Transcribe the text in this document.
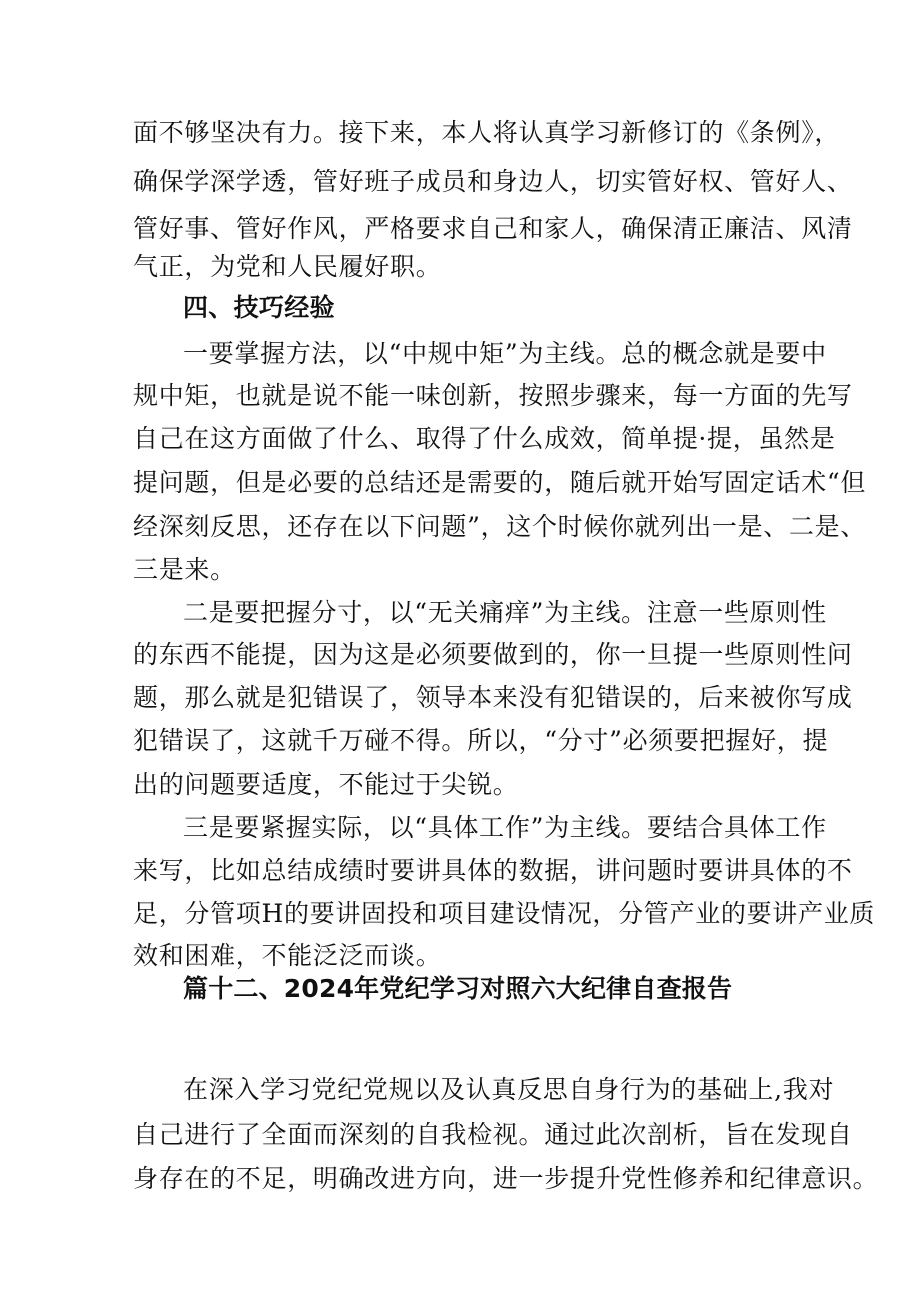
面不够坚决有力。接下来，本人将认真学习新修订的《条例》，
确保学深学透，管好班子成员和身边人，切实管好权、管好人、
管好事、管好作风，严格要求自己和家人，确保清正廉洁、风清
气正，为党和人民履好职。
四、技巧经验
一要掌握方法，以“中规中矩”为主线。总的概念就是要中
规中矩，也就是说不能一味创新，按照步骤来，每一方面的先写
自己在这方面做了什么、取得了什么成效，简单提·提，虽然是
提问题，但是必要的总结还是需要的，随后就开始写固定话术“但
经深刻反思，还存在以下问题”，这个时候你就列出一是、二是、
三是来。
二是要把握分寸，以“无关痛痒”为主线。注意一些原则性
的东西不能提，因为这是必须要做到的，你一旦提一些原则性问
题，那么就是犯错误了，领导本来没有犯错误的，后来被你写成
犯错误了，这就千万碰不得。所以，“分寸”必须要把握好，提
出的问题要适度，不能过于尖锐。
三是要紧握实际，以“具体工作”为主线。要结合具体工作
来写，比如总结成绩时要讲具体的数据，讲问题时要讲具体的不
足，分管项H的要讲固投和项目建设情况，分管产业的要讲产业质
效和困难，不能泛泛而谈。
篇十二、2024年党纪学习对照六大纪律自查报告
在深入学习党纪党规以及认真反思自身行为的基础上,我对
自己进行了全面而深刻的自我检视。通过此次剖析，旨在发现自
身存在的不足，明确改进方向，进一步提升党性修养和纪律意识。
